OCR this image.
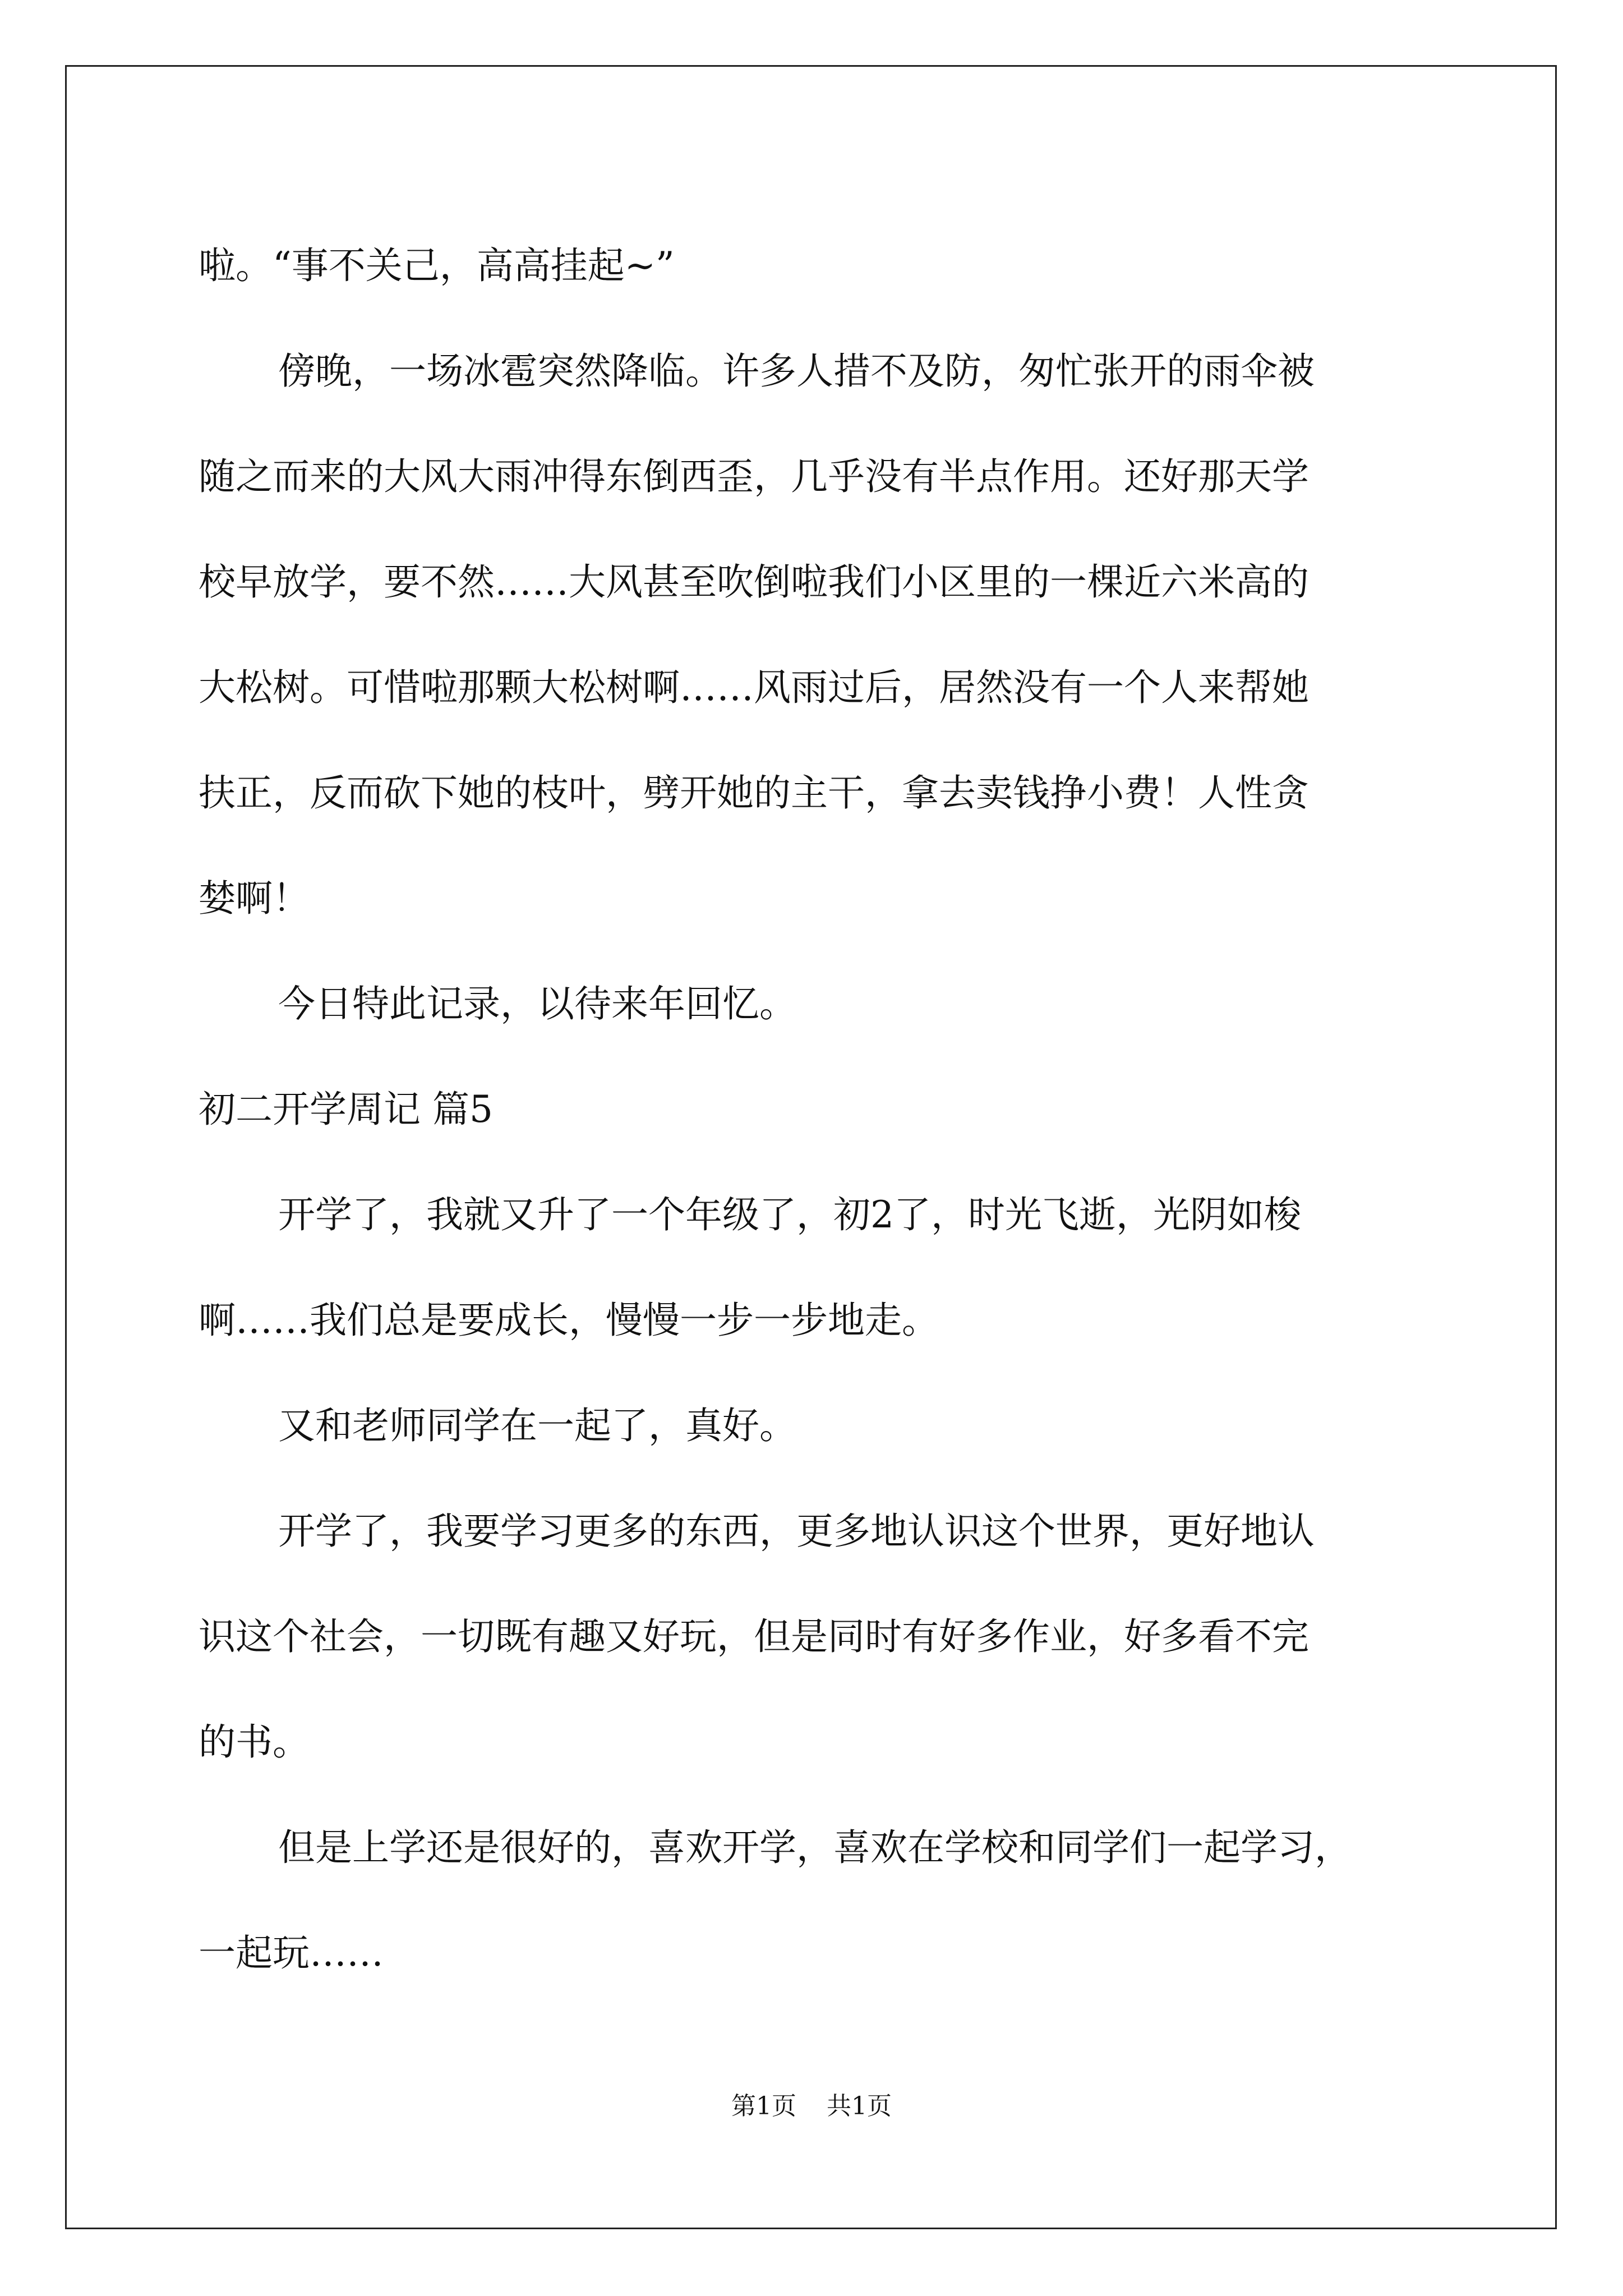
啦。“事不关己，高高挂起~”
傍晚，一场冰雹突然降临。许多人措不及防，匆忙张开的雨伞被
随之而来的大风大雨冲得东倒西歪，几乎没有半点作用。还好那天学
校早放学，要不然……大风甚至吹倒啦我们小区里的一棵近六米高的
大松树。可惜啦那颗大松树啊……风雨过后，居然没有一个人来帮她
扶正，反而砍下她的枝叶，劈开她的主干，拿去卖钱挣小费！人性贪
婪啊！
今日特此记录，以待来年回忆。
初二开学周记 篇5
开学了，我就又升了一个年级了，初2了，时光飞逝，光阴如梭
啊……我们总是要成长，慢慢一步一步地走。
又和老师同学在一起了，真好。
开学了，我要学习更多的东西，更多地认识这个世界，更好地认
识这个社会，一切既有趣又好玩，但是同时有好多作业，好多看不完
的书。
但是上学还是很好的，喜欢开学，喜欢在学校和同学们一起学习，
一起玩……
第1页 共1页
